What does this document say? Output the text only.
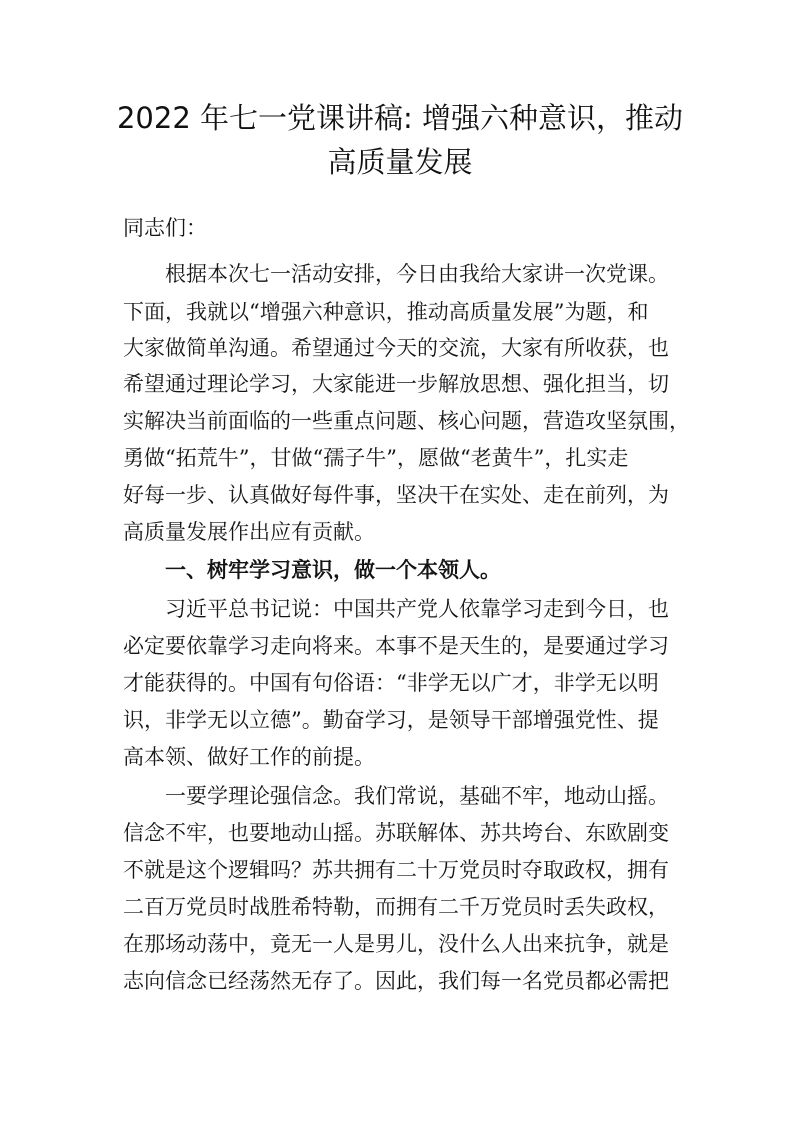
2022 年七一党课讲稿: 增强六种意识，推动
高质量发展
同志们：
根据本次七一活动安排，今日由我给大家讲一次党课。
下面，我就以“增强六种意识，推动高质量发展”为题，和
大家做简单沟通。希望通过今天的交流，大家有所收获，也
希望通过理论学习，大家能进一步解放思想、强化担当，切
实解决当前面临的一些重点问题、核心问题，营造攻坚氛围，
勇做“拓荒牛”，甘做“孺子牛”，愿做“老黄牛”，扎实走
好每一步、认真做好每件事，坚决干在实处、走在前列，为
高质量发展作出应有贡献。
一、树牢学习意识，做一个本领人。
习近平总书记说：中国共产党人依靠学习走到今日，也
必定要依靠学习走向将来。本事不是天生的，是要通过学习
才能获得的。中国有句俗语：“非学无以广才，非学无以明
识，非学无以立德”。勤奋学习，是领导干部增强党性、提
高本领、做好工作的前提。
一要学理论强信念。我们常说，基础不牢，地动山摇。
信念不牢，也要地动山摇。苏联解体、苏共垮台、东欧剧变
不就是这个逻辑吗？苏共拥有二十万党员时夺取政权，拥有
二百万党员时战胜希特勒，而拥有二千万党员时丢失政权，
在那场动荡中，竟无一人是男儿，没什么人出来抗争，就是
志向信念已经荡然无存了。因此，我们每一名党员都必需把
